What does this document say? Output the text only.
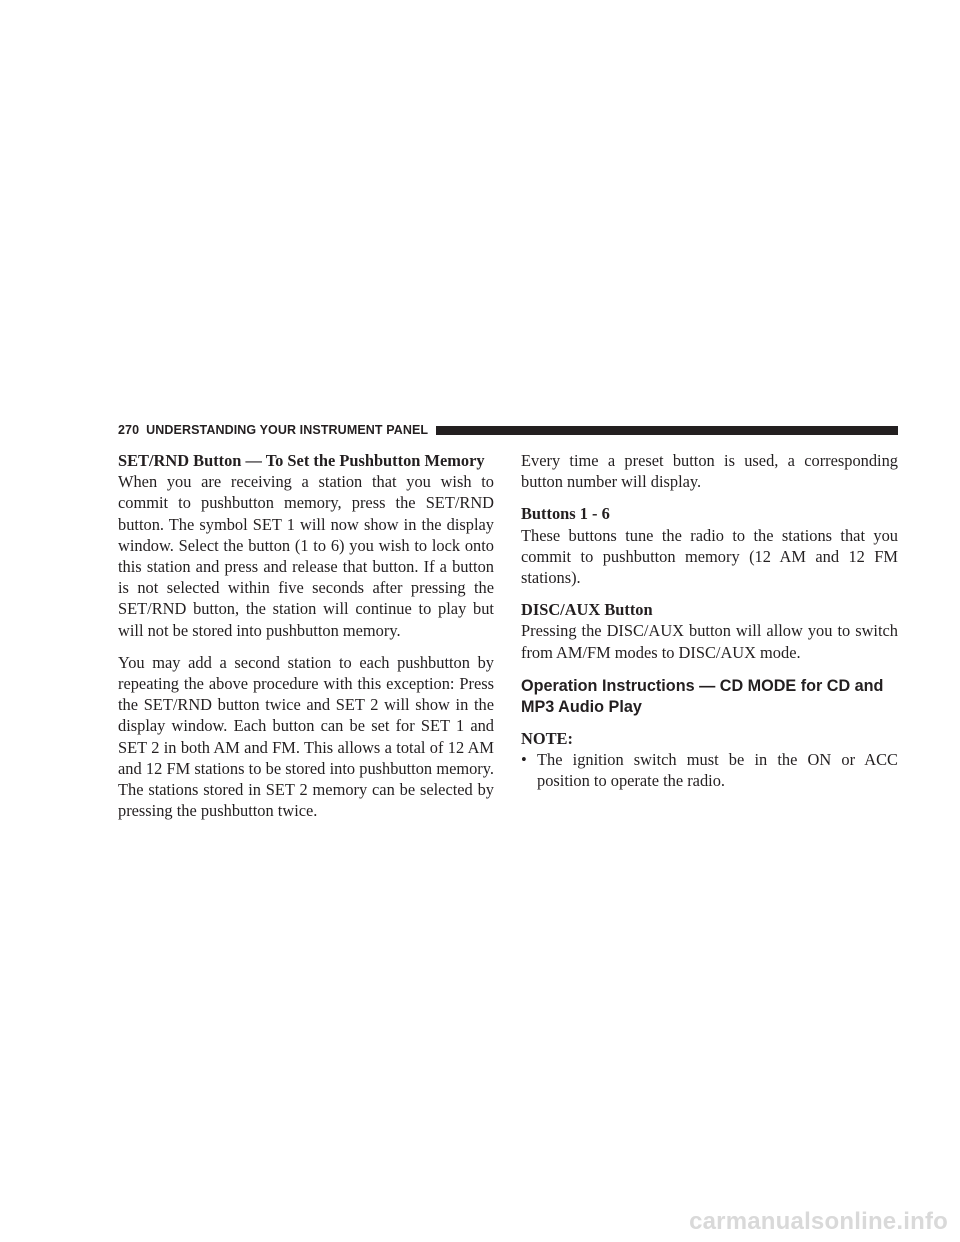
270 UNDERSTANDING YOUR INSTRUMENT PANEL
SET/RND Button — To Set the Pushbutton Memory

When you are receiving a station that you wish to commit to pushbutton memory, press the SET/RND button. The symbol SET 1 will now show in the display window. Select the button (1 to 6) you wish to lock onto this station and press and release that button. If a button is not selected within five seconds after pressing the SET/RND button, the station will continue to play but will not be stored into pushbutton memory.

You may add a second station to each pushbutton by repeating the above procedure with this exception: Press the SET/RND button twice and SET 2 will show in the display window. Each button can be set for SET 1 and SET 2 in both AM and FM. This allows a total of 12 AM and 12 FM stations to be stored into pushbutton memory. The stations stored in SET 2 memory can be selected by pressing the pushbutton twice.

Every time a preset button is used, a corresponding button number will display.

Buttons 1 - 6

These buttons tune the radio to the stations that you commit to pushbutton memory (12 AM and 12 FM stations).

DISC/AUX Button

Pressing the DISC/AUX button will allow you to switch from AM/FM modes to DISC/AUX mode.

Operation Instructions — CD MODE for CD and MP3 Audio Play
NOTE:
• The ignition switch must be in the ON or ACC position to operate the radio.
carmanualsonline.info
